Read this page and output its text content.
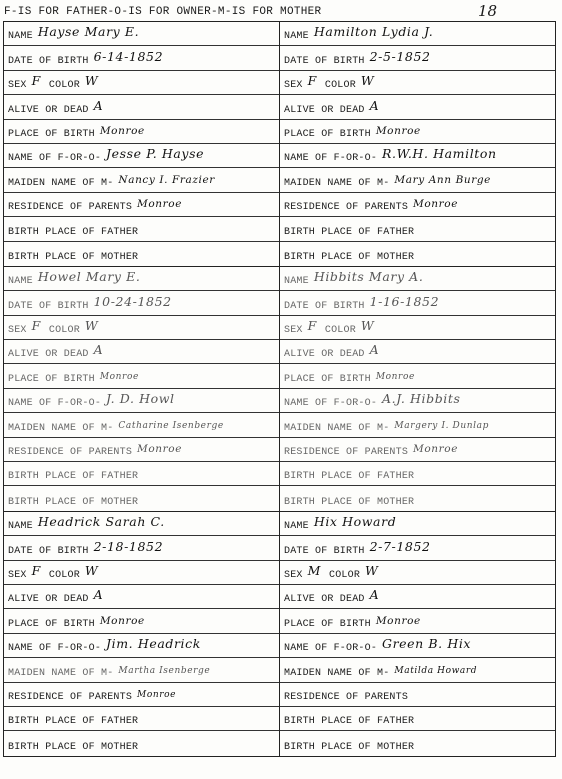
F-IS FOR FATHER-O-IS FOR OWNER-M-IS FOR MOTHER	18
NAME Hayse Mary E.
DATE OF BIRTH 6-14-1852
SEX F COLOR W
ALIVE OR DEAD A
PLACE OF BIRTH Monroe
NAME OF F-OR-O- Jesse P. Hayse
MAIDEN NAME OF M- Nancy I. Frazier
RESIDENCE OF PARENTS Monroe
BIRTH PLACE OF FATHER
BIRTH PLACE OF MOTHER
NAME Hamilton Lydia J.
DATE OF BIRTH 2-5-1852
SEX F COLOR W
ALIVE OR DEAD A
PLACE OF BIRTH Monroe
NAME OF F-OR-O- R.W.H. Hamilton
MAIDEN NAME OF M- Mary Ann Burge
RESIDENCE OF PARENTS Monroe
BIRTH PLACE OF FATHER
BIRTH PLACE OF MOTHER
NAME Howel Mary E.
DATE OF BIRTH 10-24-1852
SEX F COLOR W
ALIVE OR DEAD A
PLACE OF BIRTH Monroe
NAME OF F-OR-O- J. D. Howl
MAIDEN NAME OF M- Catharine Isenberge
RESIDENCE OF PARENTS Monroe
BIRTH PLACE OF FATHER
BIRTH PLACE OF MOTHER
NAME Hibbits Mary A.
DATE OF BIRTH 1-16-1852
SEX F COLOR W
ALIVE OR DEAD A
PLACE OF BIRTH Monroe
NAME OF F-OR-O- A.J. Hibbits
MAIDEN NAME OF M- Margery I. Dunlap
RESIDENCE OF PARENTS Monroe
BIRTH PLACE OF FATHER
BIRTH PLACE OF MOTHER
NAME Headrick Sarah C.
DATE OF BIRTH 2-18-1852
SEX F COLOR W
ALIVE OR DEAD A
PLACE OF BIRTH Monroe
NAME OF F-OR-O- Jim. Headrick
MAIDEN NAME OF M- Martha Isenberge
RESIDENCE OF PARENTS Monroe
BIRTH PLACE OF FATHER
BIRTH PLACE OF MOTHER
NAME Hix Howard
DATE OF BIRTH 2-7-1852
SEX M COLOR W
ALIVE OR DEAD A
PLACE OF BIRTH Monroe
NAME OF F-OR-O- Green B. Hix
MAIDEN NAME OF M- Matilda Howard
RESIDENCE OF PARENTS
BIRTH PLACE OF FATHER
BIRTH PLACE OF MOTHER
